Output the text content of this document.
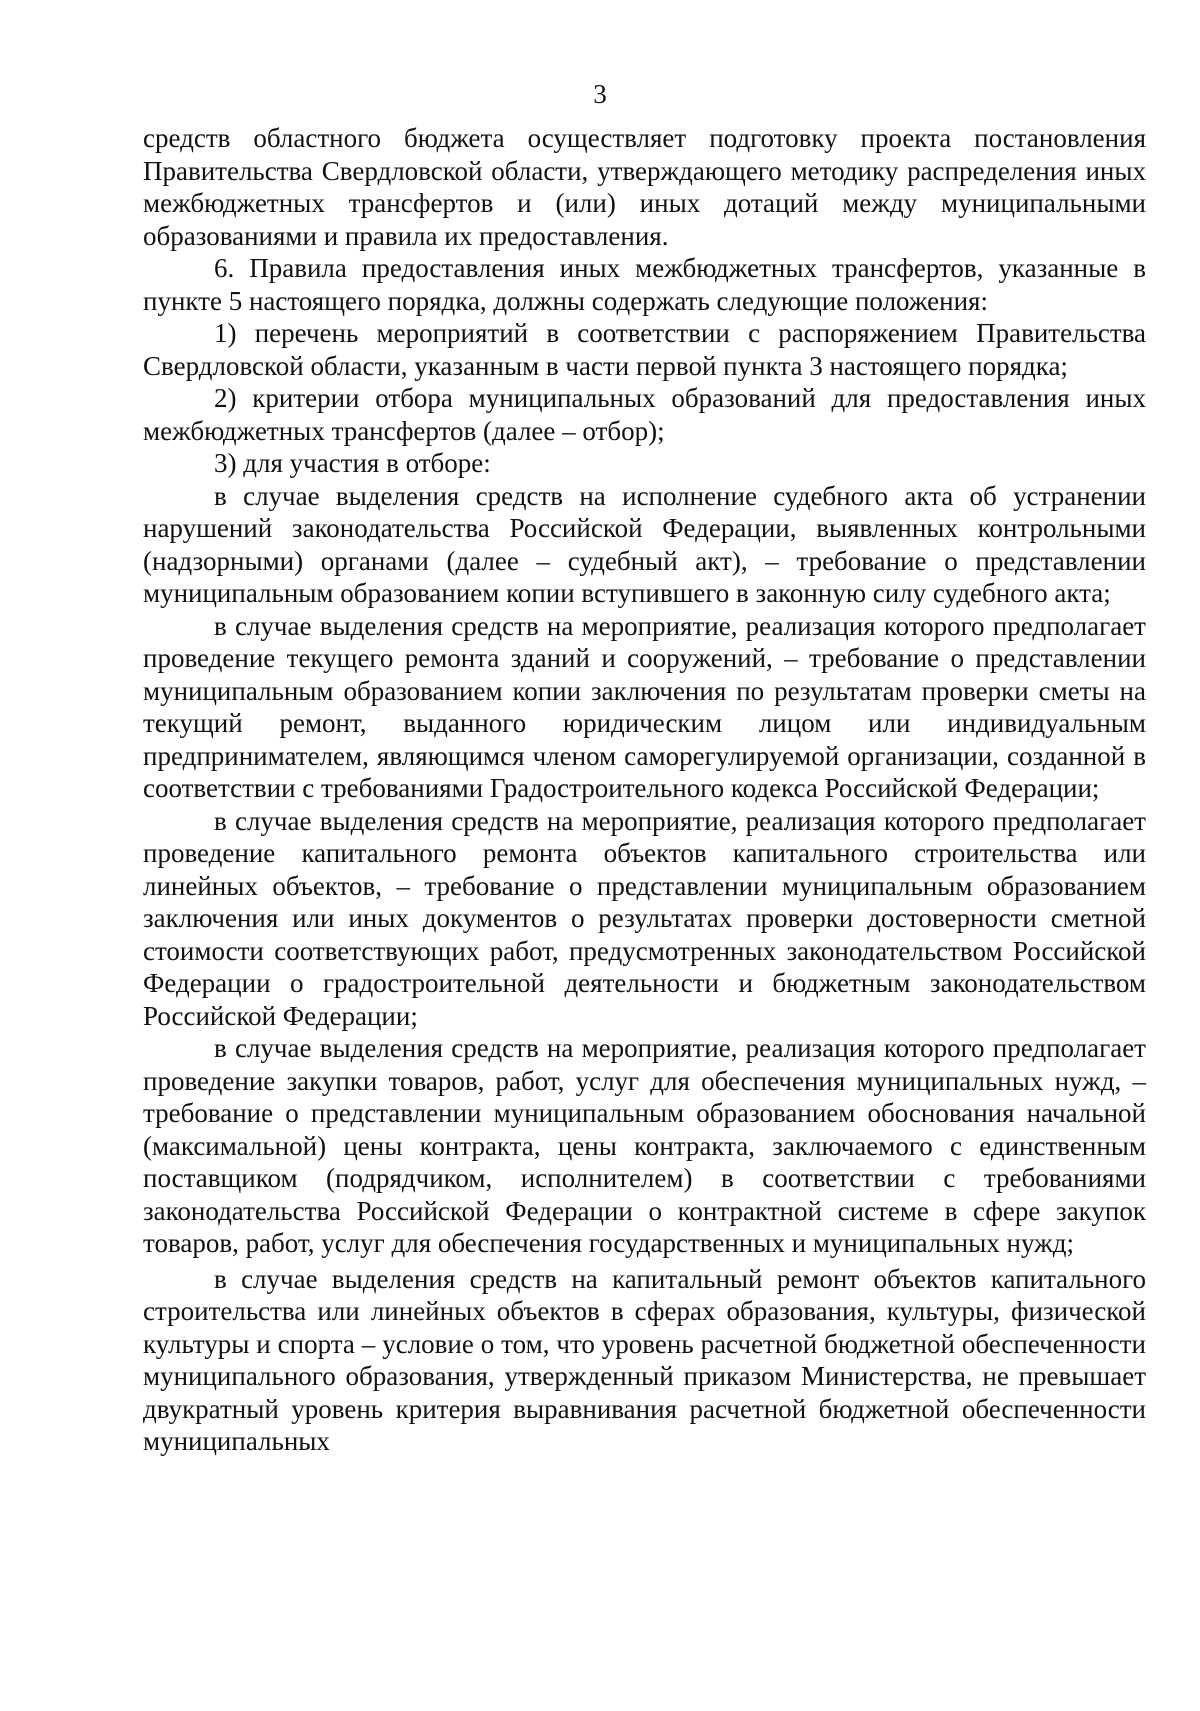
3

средств областного бюджета осуществляет подготовку проекта постановления Правительства Свердловской области, утверждающего методику распределения иных межбюджетных трансфертов и (или) иных дотаций между муниципальными образованиями и правила их предоставления.

6. Правила предоставления иных межбюджетных трансфертов, указанные в пункте 5 настоящего порядка, должны содержать следующие положения:

1) перечень мероприятий в соответствии с распоряжением Правительства Свердловской области, указанным в части первой пункта 3 настоящего порядка;

2) критерии отбора муниципальных образований для предоставления иных межбюджетных трансфертов (далее – отбор);

3) для участия в отборе:

в случае выделения средств на исполнение судебного акта об устранении нарушений законодательства Российской Федерации, выявленных контрольными (надзорными) органами (далее – судебный акт), – требование о представлении муниципальным образованием копии вступившего в законную силу судебного акта;

в случае выделения средств на мероприятие, реализация которого предполагает проведение текущего ремонта зданий и сооружений, – требование о представлении муниципальным образованием копии заключения по результатам проверки сметы на текущий ремонт, выданного юридическим лицом или индивидуальным предпринимателем, являющимся членом саморегулируемой организации, созданной в соответствии с требованиями Градостроительного кодекса Российской Федерации;

в случае выделения средств на мероприятие, реализация которого предполагает проведение капитального ремонта объектов капитального строительства или линейных объектов, – требование о представлении муниципальным образованием заключения или иных документов о результатах проверки достоверности сметной стоимости соответствующих работ, предусмотренных законодательством Российской Федерации о градостроительной деятельности и бюджетным законодательством Российской Федерации;

в случае выделения средств на мероприятие, реализация которого предполагает проведение закупки товаров, работ, услуг для обеспечения муниципальных нужд, – требование о представлении муниципальным образованием обоснования начальной (максимальной) цены контракта, цены контракта, заключаемого с единственным поставщиком (подрядчиком, исполнителем) в соответствии с требованиями законодательства Российской Федерации о контрактной системе в сфере закупок товаров, работ, услуг для обеспечения государственных и муниципальных нужд;

в случае выделения средств на капитальный ремонт объектов капитального строительства или линейных объектов в сферах образования, культуры, физической культуры и спорта – условие о том, что уровень расчетной бюджетной обеспеченности муниципального образования, утвержденный приказом Министерства, не превышает двукратный уровень критерия выравнивания расчетной бюджетной обеспеченности муниципальных
